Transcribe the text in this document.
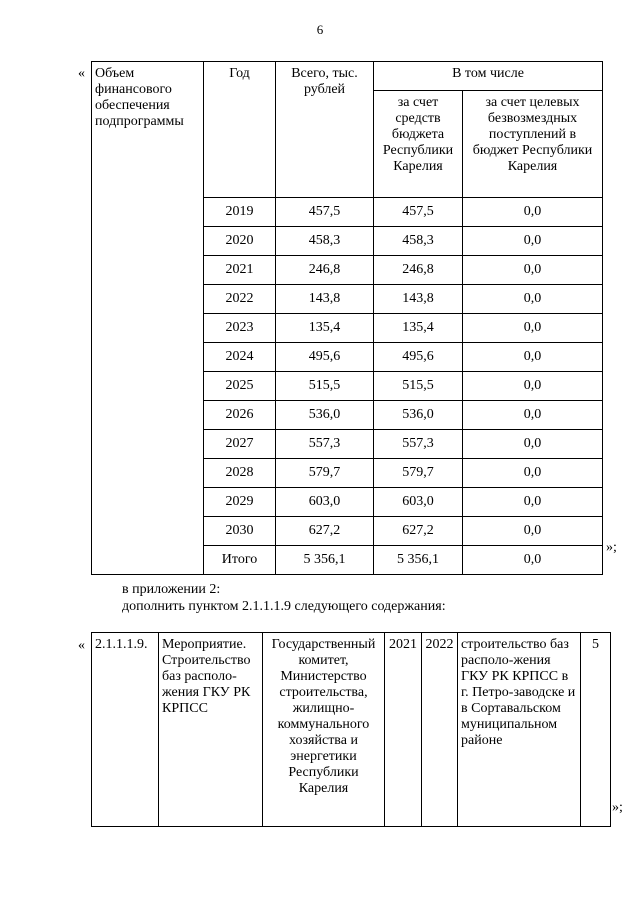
6
« Объем финансового обеспечения подпрограммы	Год	Всего, тыс. рублей	В том числе	
			за счет средств бюджета Республики Карелия	за счет целевых безвозмездных поступлений в бюджет Республики Карелия
	2019	457,5	457,5	0,0
	2020	458,3	458,3	0,0
	2021	246,8	246,8	0,0
	2022	143,8	143,8	0,0
	2023	135,4	135,4	0,0
	2024	495,6	495,6	0,0
	2025	515,5	515,5	0,0
	2026	536,0	536,0	0,0
	2027	557,3	557,3	0,0
	2028	579,7	579,7	0,0
	2029	603,0	603,0	0,0
	2030	627,2	627,2	0,0
	Итого	5 356,1	5 356,1	0,0
»;
в приложении 2:
дополнить пунктом 2.1.1.1.9 следующего содержания:
« 2.1.1.1.9.	Мероприятие. Строительство баз располо-жения ГКУ РК КРПСС	Государственный комитет, Министерство строительства, жилищно-коммунального хозяйства и энергетики Республики Карелия	2021	2022	строительство баз располо-жения ГКУ РК КРПСС в г. Петро-заводске и в Сортавальском муниципальном районе	5
»;
